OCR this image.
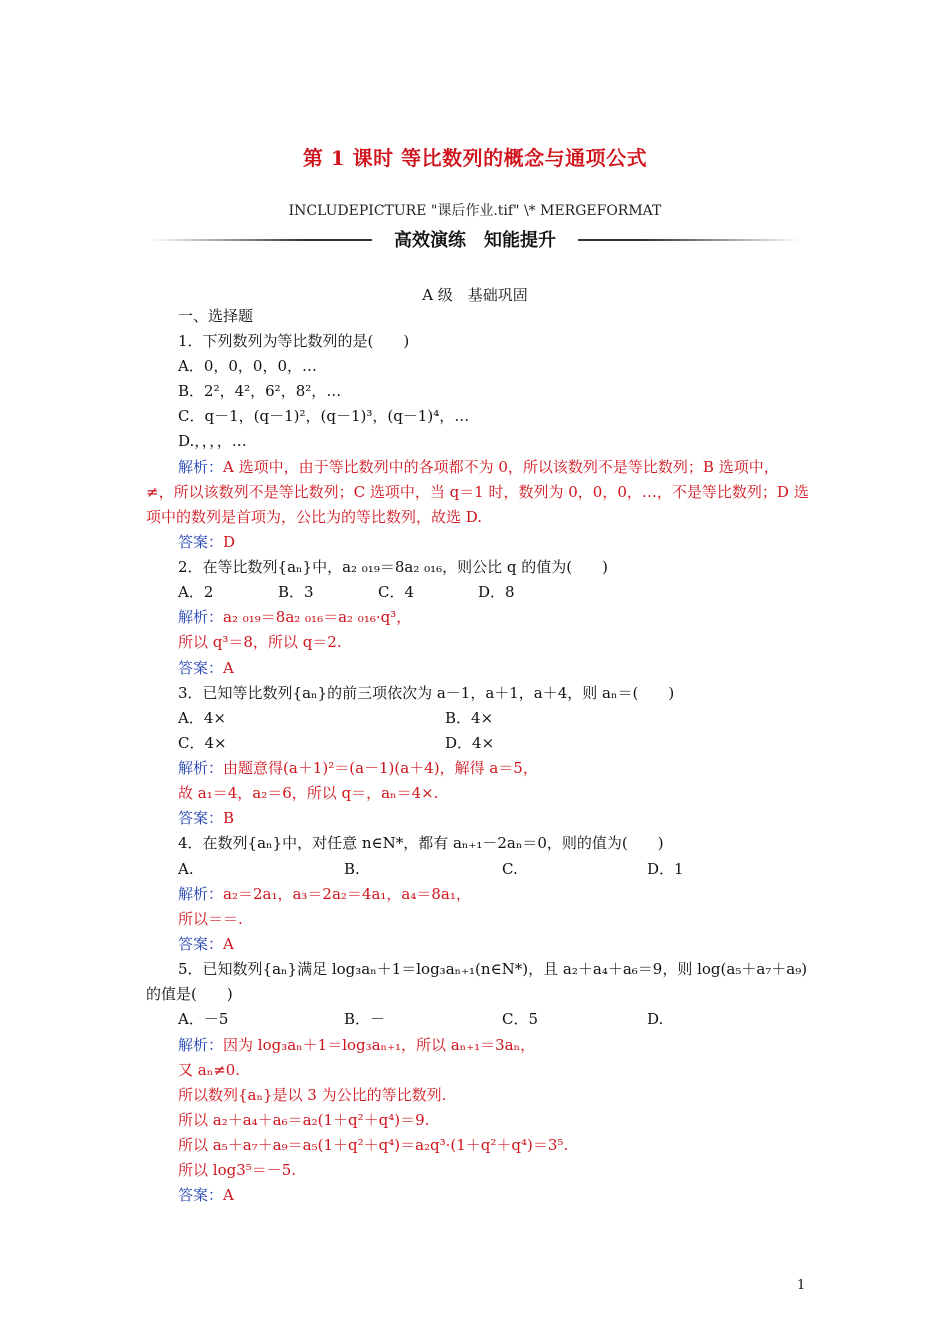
第 1 课时 等比数列的概念与通项公式
INCLUDEPICTURE "课后作业.tif" \* MERGEFORMAT
高效演练　知能提升
A 级　基础巩固
一、选择题
1．下列数列为等比数列的是(　　)
A．0，0，0，0，…
B．2²，4²，6²，8²，…
C．q－1，(q－1)²，(q－1)³，(q－1)⁴，…
D.，，，，…
解析：A 选项中，由于等比数列中的各项都不为 0，所以该数列不是等比数列；B 选项中，
≠，所以该数列不是等比数列；C 选项中，当 q＝1 时，数列为 0，0，0，…，不是等比数列；D 选
项中的数列是首项为，公比为的等比数列，故选 D.
答案：D
2．在等比数列{aₙ}中，a₂ ₀₁₉＝8a₂ ₀₁₆，则公比 q 的值为(　　)
A．2	B．3	C．4	D．8
解析：a₂ ₀₁₉＝8a₂ ₀₁₆＝a₂ ₀₁₆·q³，
所以 q³＝8，所以 q＝2.
答案：A
3．已知等比数列{aₙ}的前三项依次为 a－1，a＋1，a＋4，则 aₙ＝(　　)
A．4×	B．4×
C．4×	D．4×
解析：由题意得(a＋1)²＝(a－1)(a＋4)，解得 a＝5，
故 a₁＝4，a₂＝6，所以 q＝，aₙ＝4×.
答案：B
4．在数列{aₙ}中，对任意 n∈N*，都有 aₙ₊₁－2aₙ＝0，则的值为(　　)
A.	B.	C.	D．1
解析：a₂＝2a₁，a₃＝2a₂＝4a₁，a₄＝8a₁，
所以＝＝.
答案：A
5．已知数列{aₙ}满足 log₃aₙ＋1＝log₃aₙ₊₁(n∈N*)，且 a₂＋a₄＋a₆＝9，则 log(a₅＋a₇＋a₉)
的值是(　　)
A．－5	B．－	C．5	D.
解析：因为 log₃aₙ＋1＝log₃aₙ₊₁，所以 aₙ₊₁＝3aₙ，
又 aₙ≠0.
所以数列{aₙ}是以 3 为公比的等比数列.
所以 a₂＋a₄＋a₆＝a₂(1＋q²＋q⁴)＝9.
所以 a₅＋a₇＋a₉＝a₅(1＋q²＋q⁴)＝a₂q³·(1＋q²＋q⁴)＝3⁵.
所以 log3⁵＝－5.
答案：A
1
